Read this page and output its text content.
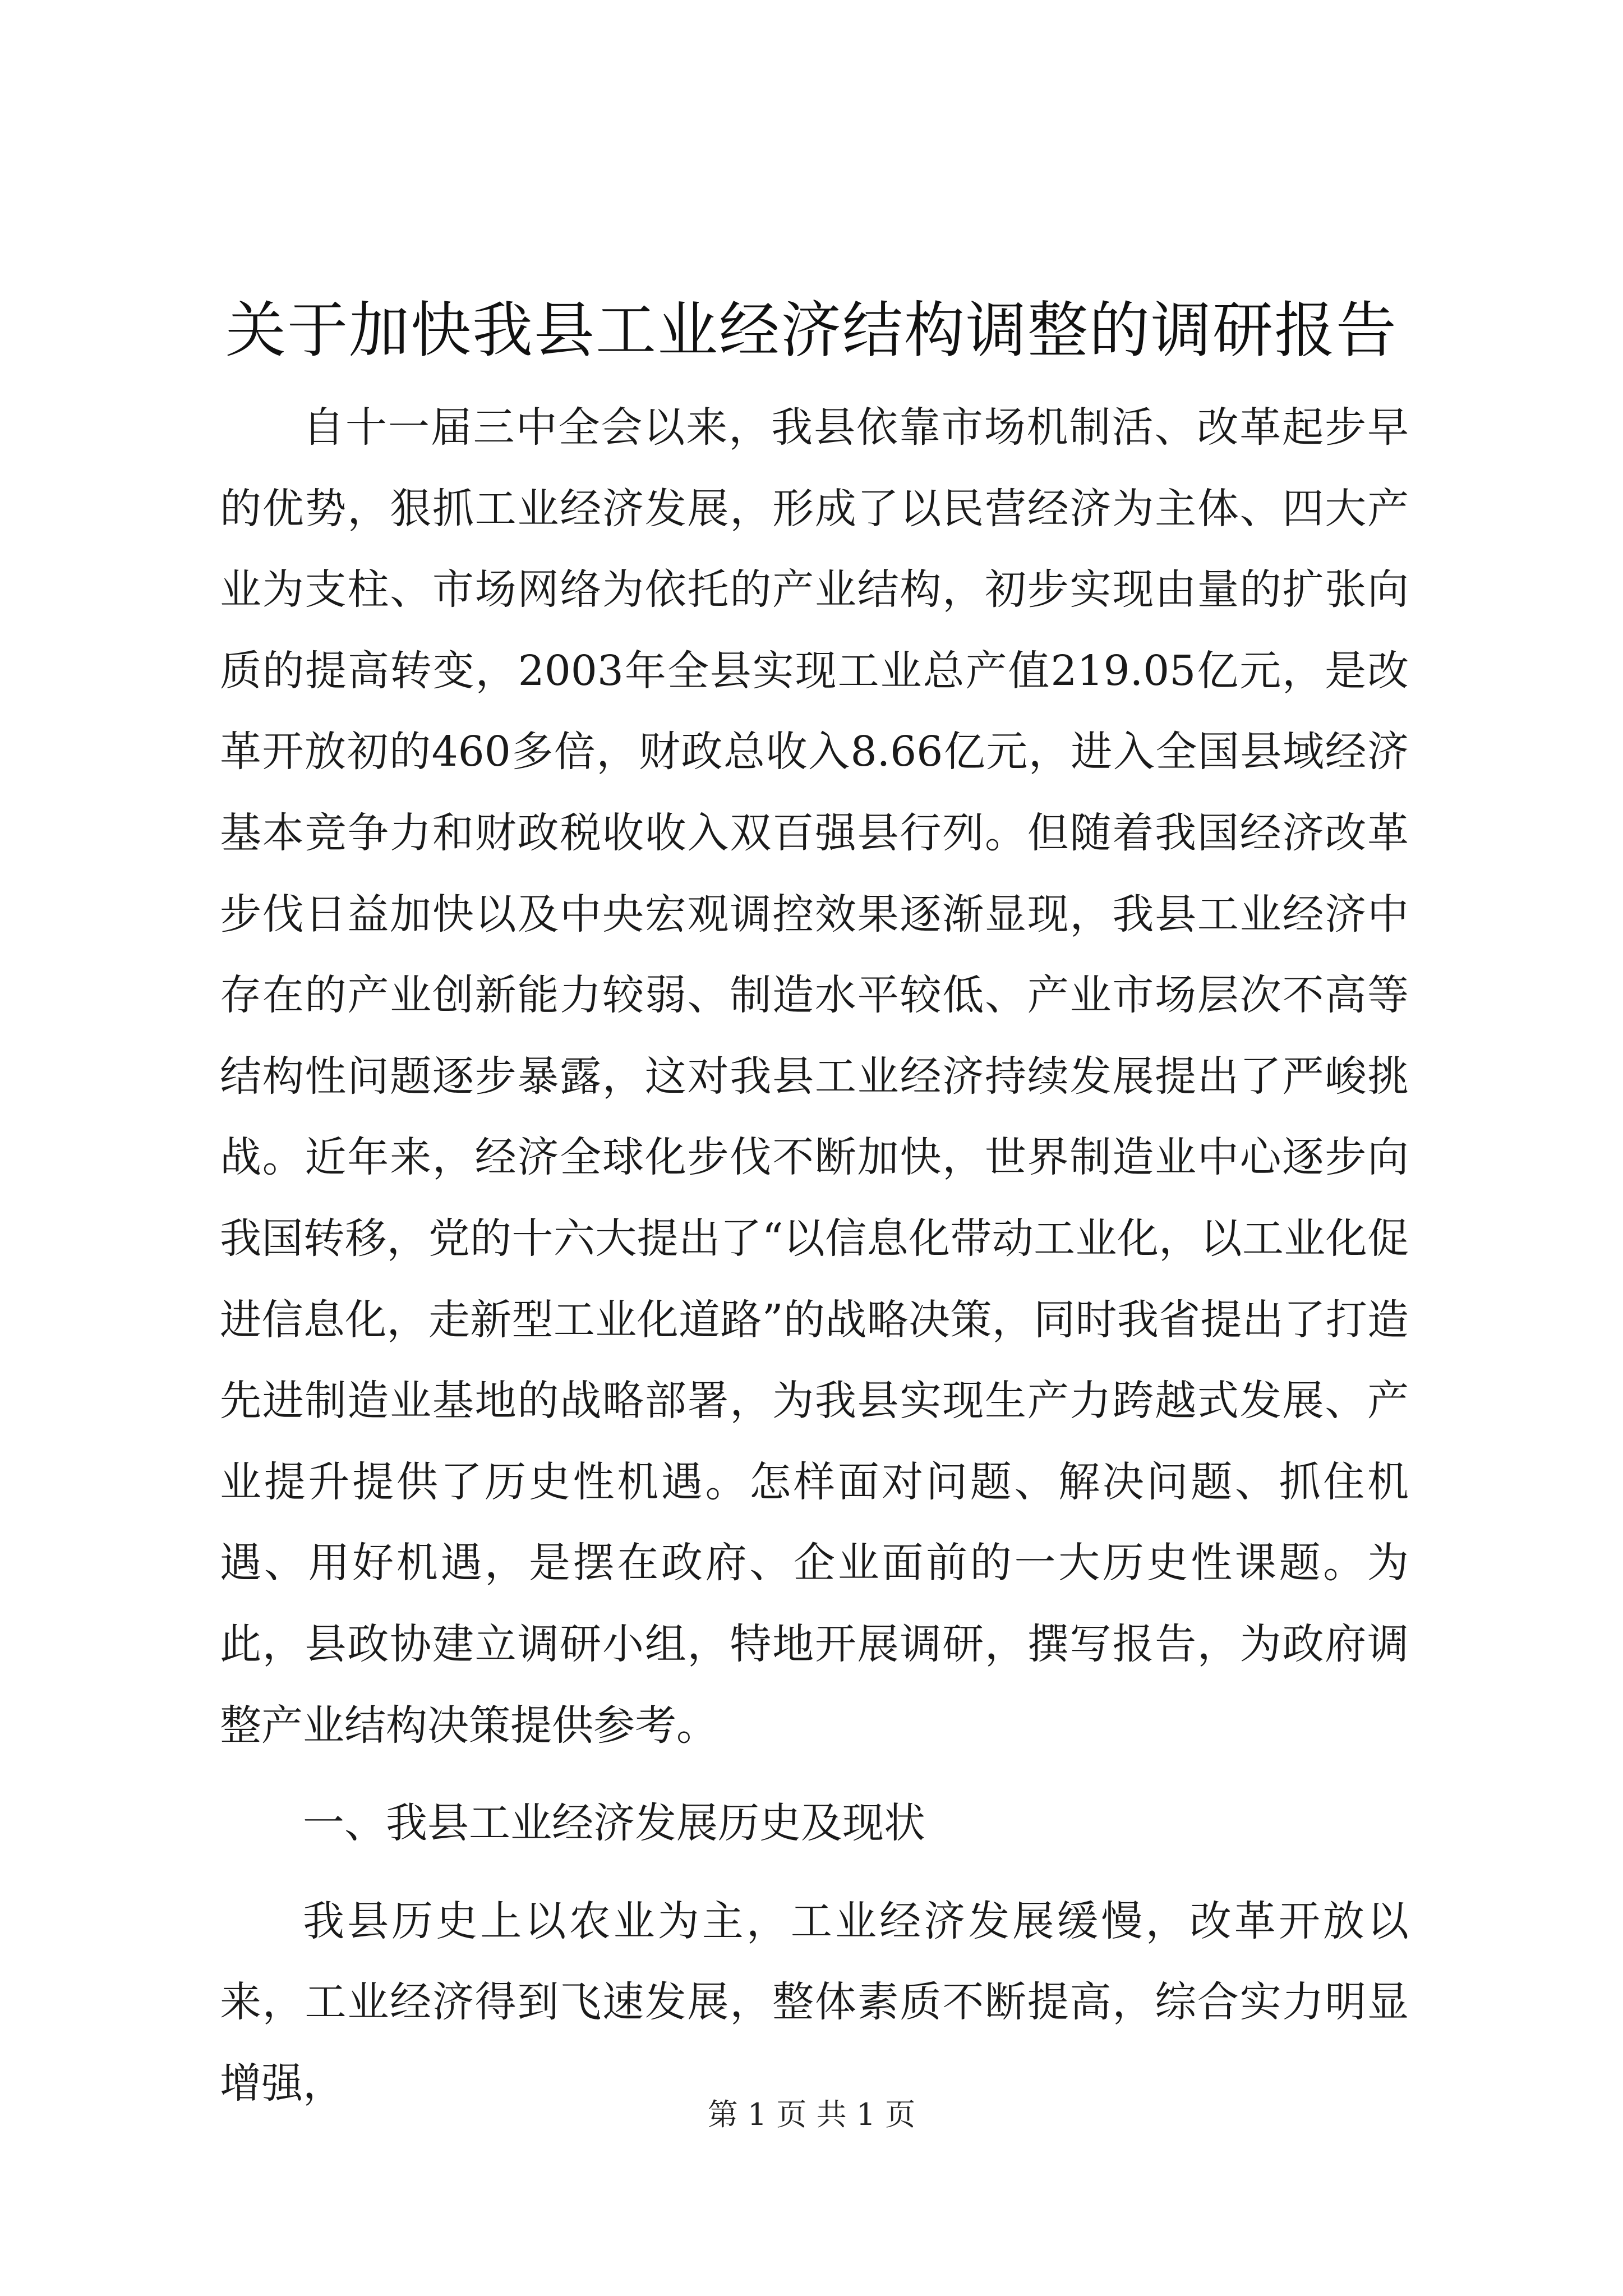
关于加快我县工业经济结构调整的调研报告

自十一届三中全会以来，我县依靠市场机制活、改革起步早的优势，狠抓工业经济发展，形成了以民营经济为主体、四大产业为支柱、市场网络为依托的产业结构，初步实现由量的扩张向质的提高转变，2003年全县实现工业总产值219.05亿元，是改革开放初的460多倍，财政总收入8.66亿元，进入全国县域经济基本竞争力和财政税收收入双百强县行列。但随着我国经济改革步伐日益加快以及中央宏观调控效果逐渐显现，我县工业经济中存在的产业创新能力较弱、制造水平较低、产业市场层次不高等结构性问题逐步暴露，这对我县工业经济持续发展提出了严峻挑战。近年来，经济全球化步伐不断加快，世界制造业中心逐步向我国转移，党的十六大提出了“以信息化带动工业化，以工业化促进信息化，走新型工业化道路”的战略决策，同时我省提出了打造先进制造业基地的战略部署，为我县实现生产力跨越式发展、产业提升提供了历史性机遇。怎样面对问题、解决问题、抓住机遇、用好机遇，是摆在政府、企业面前的一大历史性课题。为此，县政协建立调研小组，特地开展调研，撰写报告，为政府调整产业结构决策提供参考。

一、我县工业经济发展历史及现状

我县历史上以农业为主，工业经济发展缓慢，改革开放以来，工业经济得到飞速发展，整体素质不断提高，综合实力明显增强，

第 1 页 共 1 页
